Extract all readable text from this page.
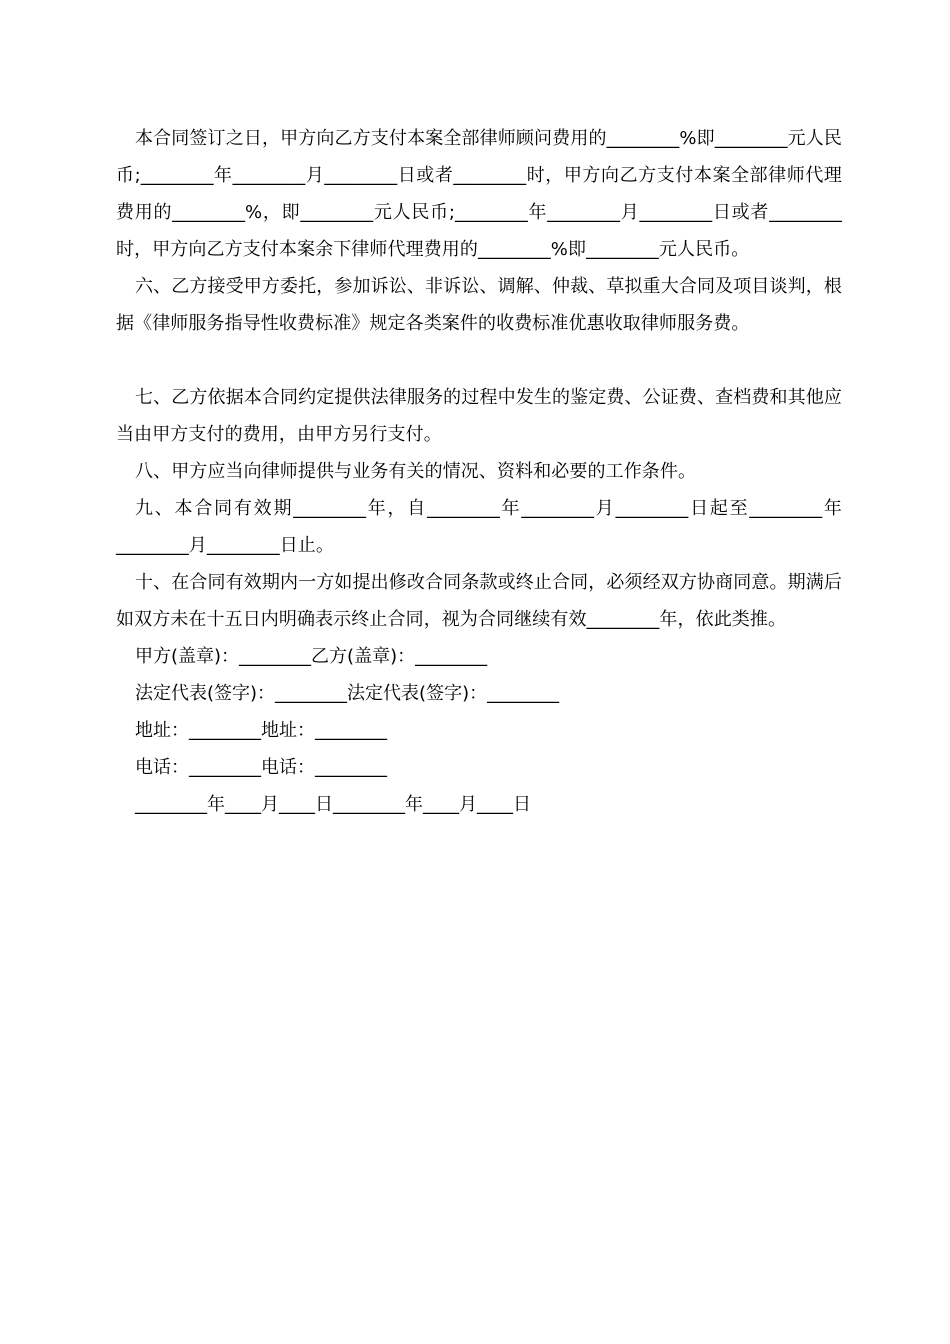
本合同签订之日，甲方向乙方支付本案全部律师顾问费用的________%即________元人民币;________年________月________日或者________时，甲方向乙方支付本案全部律师代理费用的________%，即________元人民币;________年________月________日或者________时，甲方向乙方支付本案余下律师代理费用的________%即________元人民币。

六、乙方接受甲方委托，参加诉讼、非诉讼、调解、仲裁、草拟重大合同及项目谈判，根据《律师服务指导性收费标准》规定各类案件的收费标准优惠收取律师服务费。

七、乙方依据本合同约定提供法律服务的过程中发生的鉴定费、公证费、查档费和其他应当由甲方支付的费用，由甲方另行支付。

八、甲方应当向律师提供与业务有关的情况、资料和必要的工作条件。

九、本合同有效期________年，自________年________月________日起至________年________月________日止。

十、在合同有效期内一方如提出修改合同条款或终止合同，必须经双方协商同意。期满后如双方未在十五日内明确表示终止合同，视为合同继续有效________年，依此类推。

甲方(盖章)：________乙方(盖章)：________

法定代表(签字)：________法定代表(签字)：________

地址：________地址：________

电话：________电话：________

________年____月____日________年____月____日
